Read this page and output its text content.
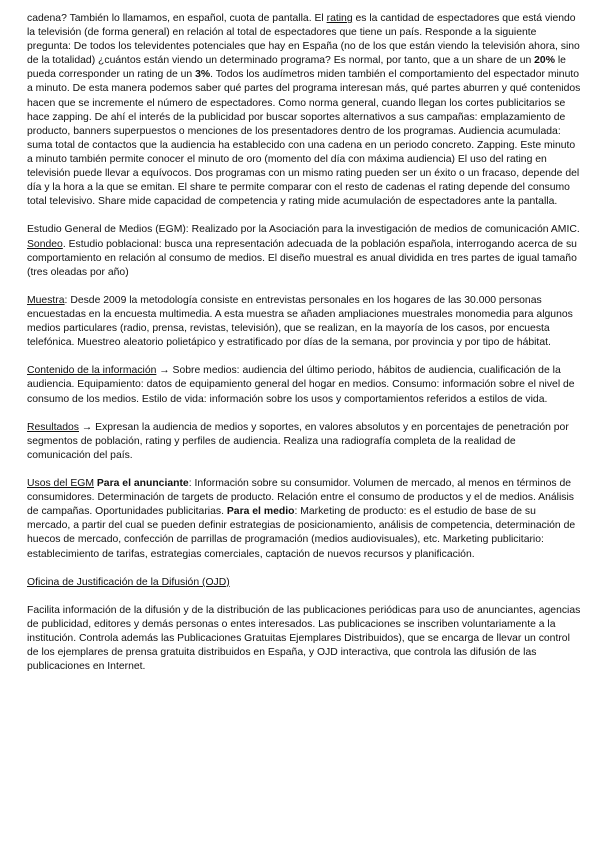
cadena? También lo llamamos, en español, cuota de pantalla. El rating es la cantidad de espectadores que está viendo la televisión (de forma general) en relación al total de espectadores que tiene un país. Responde a la siguiente pregunta: De todos los televidentes potenciales que hay en España (no de los que están viendo la televisión ahora, sino de la totalidad) ¿cuántos están viendo un determinado programa? Es normal, por tanto, que a un share de un 20% le pueda corresponder un rating de un 3%. Todos los audímetros miden también el comportamiento del espectador minuto a minuto. De esta manera podemos saber qué partes del programa interesan más, qué partes aburren y qué contenidos hacen que se incremente el número de espectadores. Como norma general, cuando llegan los cortes publicitarios se hace zapping. De ahí el interés de la publicidad por buscar soportes alternativos a sus campañas: emplazamiento de producto, banners superpuestos o menciones de los presentadores dentro de los programas. Audiencia acumulada: suma total de contactos que la audiencia ha establecido con una cadena en un periodo concreto. Zapping. Este minuto a minuto también permite conocer el minuto de oro (momento del día con máxima audiencia) El uso del rating en televisión puede llevar a equívocos. Dos programas con un mismo rating pueden ser un éxito o un fracaso, depende del día y la hora a la que se emitan. El share te permite comparar con el resto de cadenas el rating depende del consumo total televisivo. Share mide capacidad de competencia y rating mide acumulación de espectadores ante la pantalla.

Estudio General de Medios (EGM): Realizado por la Asociación para la investigación de medios de comunicación AMIC. Sondeo. Estudio poblacional: busca una representación adecuada de la población española, interrogando acerca de su comportamiento en relación al consumo de medios. El diseño muestral es anual dividida en tres partes de igual tamaño (tres oleadas por año)

Muestra: Desde 2009 la metodología consiste en entrevistas personales en los hogares de las 30.000 personas encuestadas en la encuesta multimedia. A esta muestra se añaden ampliaciones muestrales monomedia para algunos medios particulares (radio, prensa, revistas, televisión), que se realizan, en la mayoría de los casos, por encuesta telefónica. Muestreo aleatorio polietápico y estratificado por días de la semana, por provincia y por tipo de hábitat.

Contenido de la información → Sobre medios: audiencia del último periodo, hábitos de audiencia, cualificación de la audiencia. Equipamiento: datos de equipamiento general del hogar en medios. Consumo: información sobre el nivel de consumo de los medios. Estilo de vida: información sobre los usos y comportamientos referidos a estilos de vida.

Resultados → Expresan la audiencia de medios y soportes, en valores absolutos y en porcentajes de penetración por segmentos de población, rating y perfiles de audiencia. Realiza una radiografía completa de la realidad de comunicación del país.

Usos del EGM Para el anunciante: Información sobre su consumidor. Volumen de mercado, al menos en términos de consumidores. Determinación de targets de producto. Relación entre el consumo de productos y el de medios. Análisis de campañas. Oportunidades publicitarias. Para el medio: Marketing de producto: es el estudio de base de su mercado, a partir del cual se pueden definir estrategias de posicionamiento, análisis de competencia, determinación de huecos de mercado, confección de parrillas de programación (medios audiovisuales), etc. Marketing publicitario: establecimiento de tarifas, estrategias comerciales, captación de nuevos recursos y planificación.

Oficina de Justificación de la Difusión (OJD)

Facilita información de la difusión y de la distribución de las publicaciones periódicas para uso de anunciantes, agencias de publicidad, editores y demás personas o entes interesados. Las publicaciones se inscriben voluntariamente a la institución. Controla además las Publicaciones Gratuitas Ejemplares Distribuidos), que se encarga de llevar un control de los ejemplares de prensa gratuita distribuidos en España, y OJD interactiva, que controla las difusión de las publicaciones en Internet.
